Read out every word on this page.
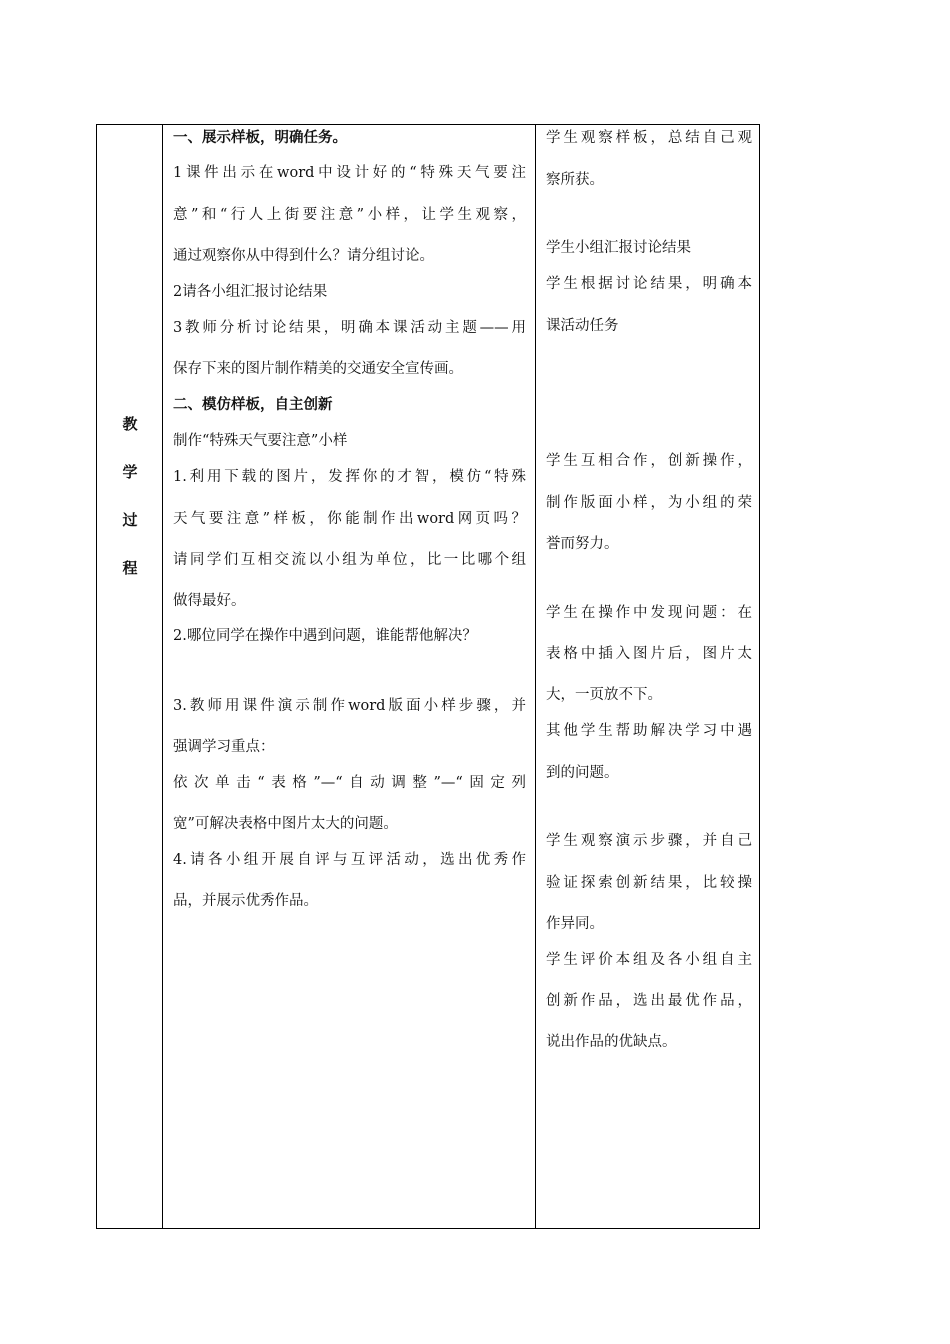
教
学
过
程

一、展示样板，明确任务。

1课件出示在word中设计好的“特殊天气要注

意”和“行人上街要注意”小样，让学生观察，

通过观察你从中得到什么？请分组讨论。

2请各小组汇报讨论结果

3教师分析讨论结果，明确本课活动主题——用

保存下来的图片制作精美的交通安全宣传画。

二、模仿样板，自主创新

制作“特殊天气要注意”小样

1.利用下载的图片，发挥你的才智，模仿“特殊

天气要注意”样板，你能制作出word网页吗？

请同学们互相交流以小组为单位，比一比哪个组

做得最好。

2.哪位同学在操作中遇到问题，谁能帮他解决？

3.教师用课件演示制作word版面小样步骤，并

强调学习重点：

依次单击“表格”—“自动调整”—“固定列

宽”可解决表格中图片太大的问题。

4.请各小组开展自评与互评活动，选出优秀作

品，并展示优秀作品。

学生观察样板，总结自己观

察所获。

学生小组汇报讨论结果

学生根据讨论结果，明确本

课活动任务

学生互相合作，创新操作，

制作版面小样，为小组的荣

誉而努力。

学生在操作中发现问题：在

表格中插入图片后，图片太

大，一页放不下。

其他学生帮助解决学习中遇

到的问题。

学生观察演示步骤，并自己

验证探索创新结果，比较操

作异同。

学生评价本组及各小组自主

创新作品，选出最优作品，

说出作品的优缺点。
